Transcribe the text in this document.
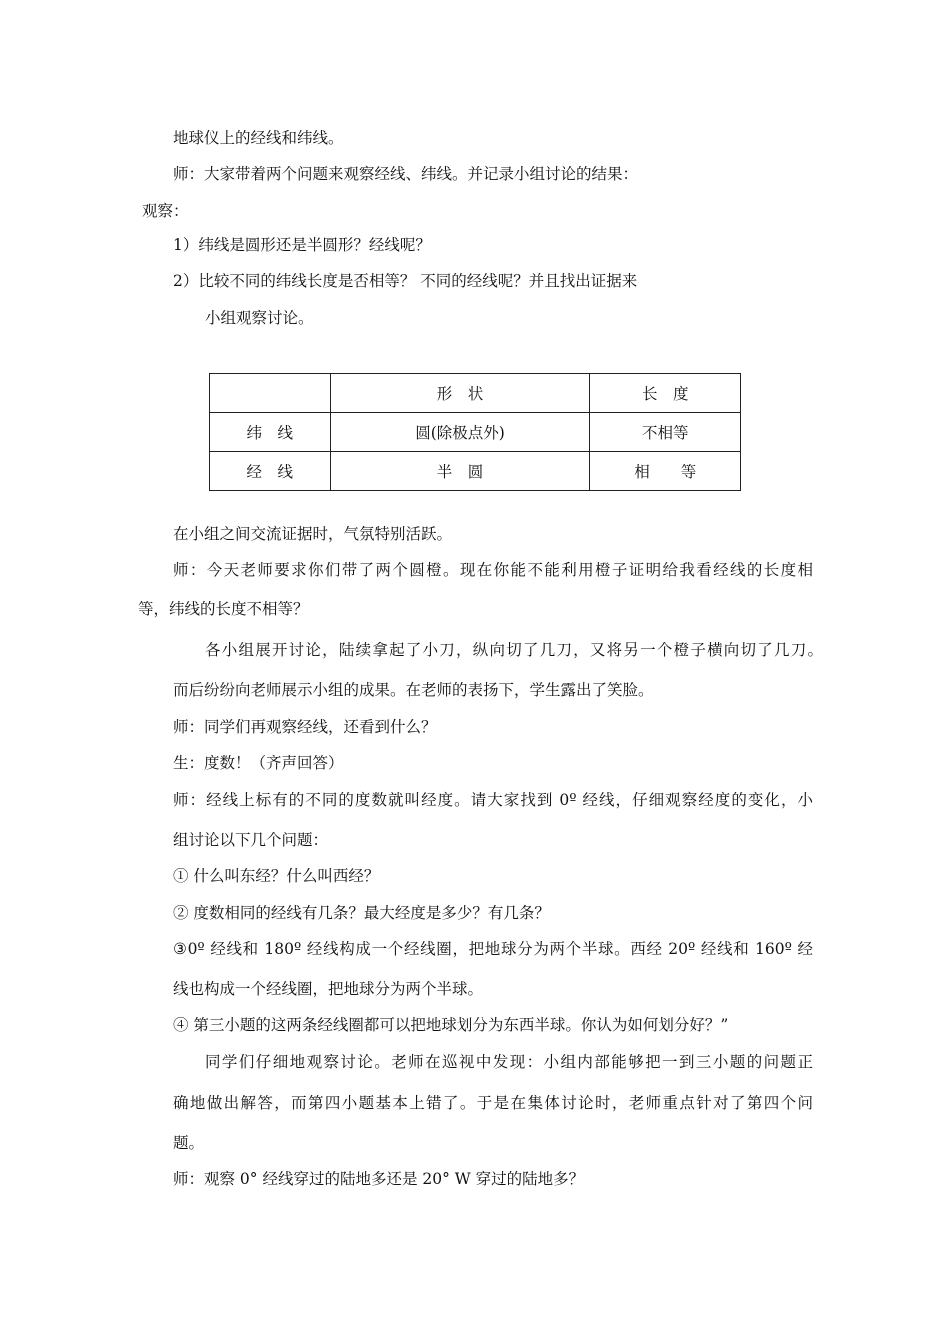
地球仪上的经线和纬线。
师：大家带着两个问题来观察经线、纬线。并记录小组讨论的结果：
观察：
1）纬线是圆形还是半圆形？经线呢？
2）比较不同的纬线长度是否相等？ 不同的经线呢？并且找出证据来
小组观察讨论。
	形　状	长　度
纬　线	圆(除极点外)	不相等
经　线	半　圆	相　　等
在小组之间交流证据时，气氛特别活跃。
师：今天老师要求你们带了两个圆橙。现在你能不能利用橙子证明给我看经线的长度相
等，纬线的长度不相等？
各小组展开讨论，陆续拿起了小刀，纵向切了几刀，又将另一个橙子横向切了几刀。
而后纷纷向老师展示小组的成果。在老师的表扬下，学生露出了笑脸。
师：同学们再观察经线，还看到什么？
生：度数！（齐声回答）
师：经线上标有的不同的度数就叫经度。请大家找到 0º 经线，仔细观察经度的变化，小
组讨论以下几个问题：
① 什么叫东经？什么叫西经？
② 度数相同的经线有几条？最大经度是多少？有几条？
③0º 经线和 180º 经线构成一个经线圈，把地球分为两个半球。西经 20º 经线和 160º 经
线也构成一个经线圈，把地球分为两个半球。
④ 第三小题的这两条经线圈都可以把地球划分为东西半球。你认为如何划分好？”
同学们仔细地观察讨论。老师在巡视中发现：小组内部能够把一到三小题的问题正
确地做出解答，而第四小题基本上错了。于是在集体讨论时，老师重点针对了第四个问
题。
师：观察 0° 经线穿过的陆地多还是 20° W 穿过的陆地多？
